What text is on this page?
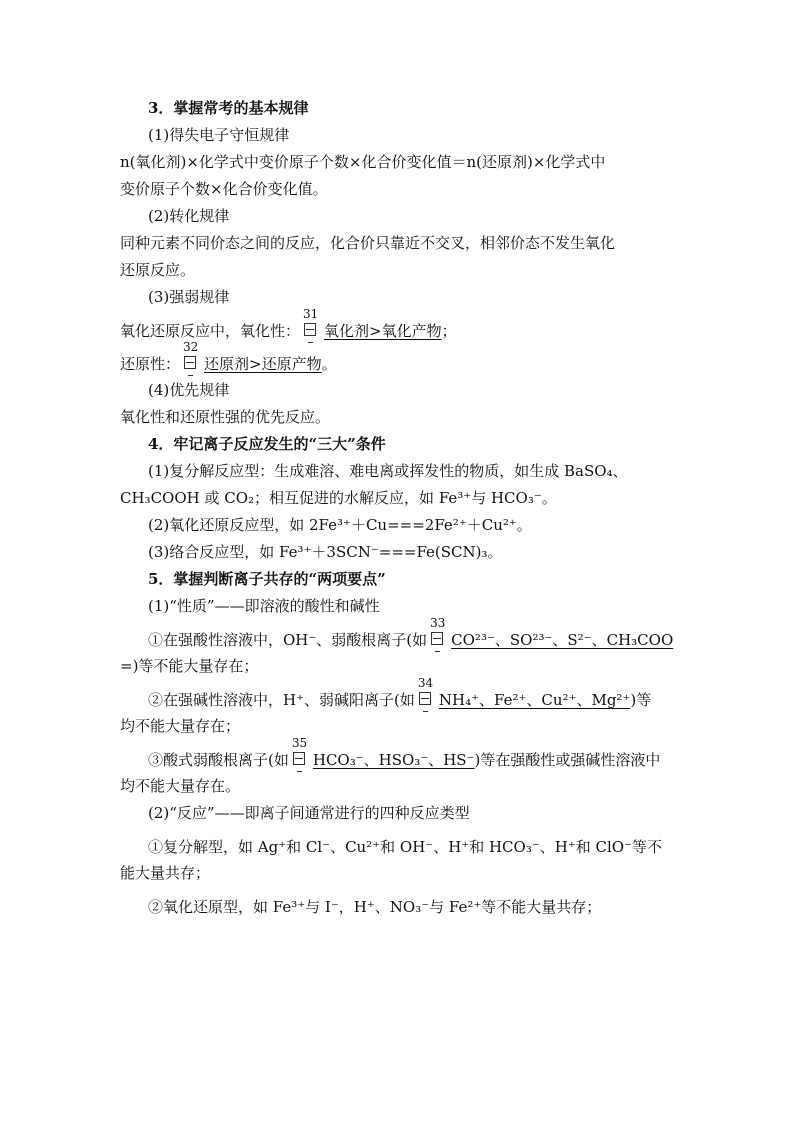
3．掌握常考的基本规律
(1)得失电子守恒规律
n(氧化剂)×化学式中变价原子个数×化合价变化值＝n(还原剂)×化学式中
变价原子个数×化合价变化值。
(2)转化规律
同种元素不同价态之间的反应，化合价只靠近不交叉，相邻价态不发生氧化
还原反应。
(3)强弱规律
氧化还原反应中，氧化性：
31
氧化剂>氧化产物；
还原性：
32
还原剂>还原产物。
(4)优先规律
氧化性和还原性强的优先反应。
4．牢记离子反应发生的“三大”条件
(1)复分解反应型：生成难溶、难电离或挥发性的物质，如生成 BaSO₄、
CH₃COOH 或 CO₂；相互促进的水解反应，如 Fe³⁺与 HCO₃⁻。
(2)氧化还原反应型，如 2Fe³⁺＋Cu===2Fe²⁺＋Cu²⁺。
(3)络合反应型，如 Fe³⁺＋3SCN⁻===Fe(SCN)₃。
5．掌握判断离子共存的“两项要点”
(1)“性质”——即溶液的酸性和碱性
①在强酸性溶液中，OH⁻、弱酸根离子(如
33
CO²³⁻、SO²³⁻、S²⁻、CH₃COO
=)等不能大量存在；
②在强碱性溶液中，H⁺、弱碱阳离子(如
34
NH₄⁺、Fe²⁺、Cu²⁺、Mg²⁺)等
均不能大量存在；
③酸式弱酸根离子(如
35
HCO₃⁻、HSO₃⁻、HS⁻)等在强酸性或强碱性溶液中
均不能大量存在。
(2)“反应”——即离子间通常进行的四种反应类型
①复分解型，如 Ag⁺和 Cl⁻、Cu²⁺和 OH⁻、H⁺和 HCO₃⁻、H⁺和 ClO⁻等不
能大量共存；
②氧化还原型，如 Fe³⁺与 I⁻，H⁺、NO₃⁻与 Fe²⁺等不能大量共存；
